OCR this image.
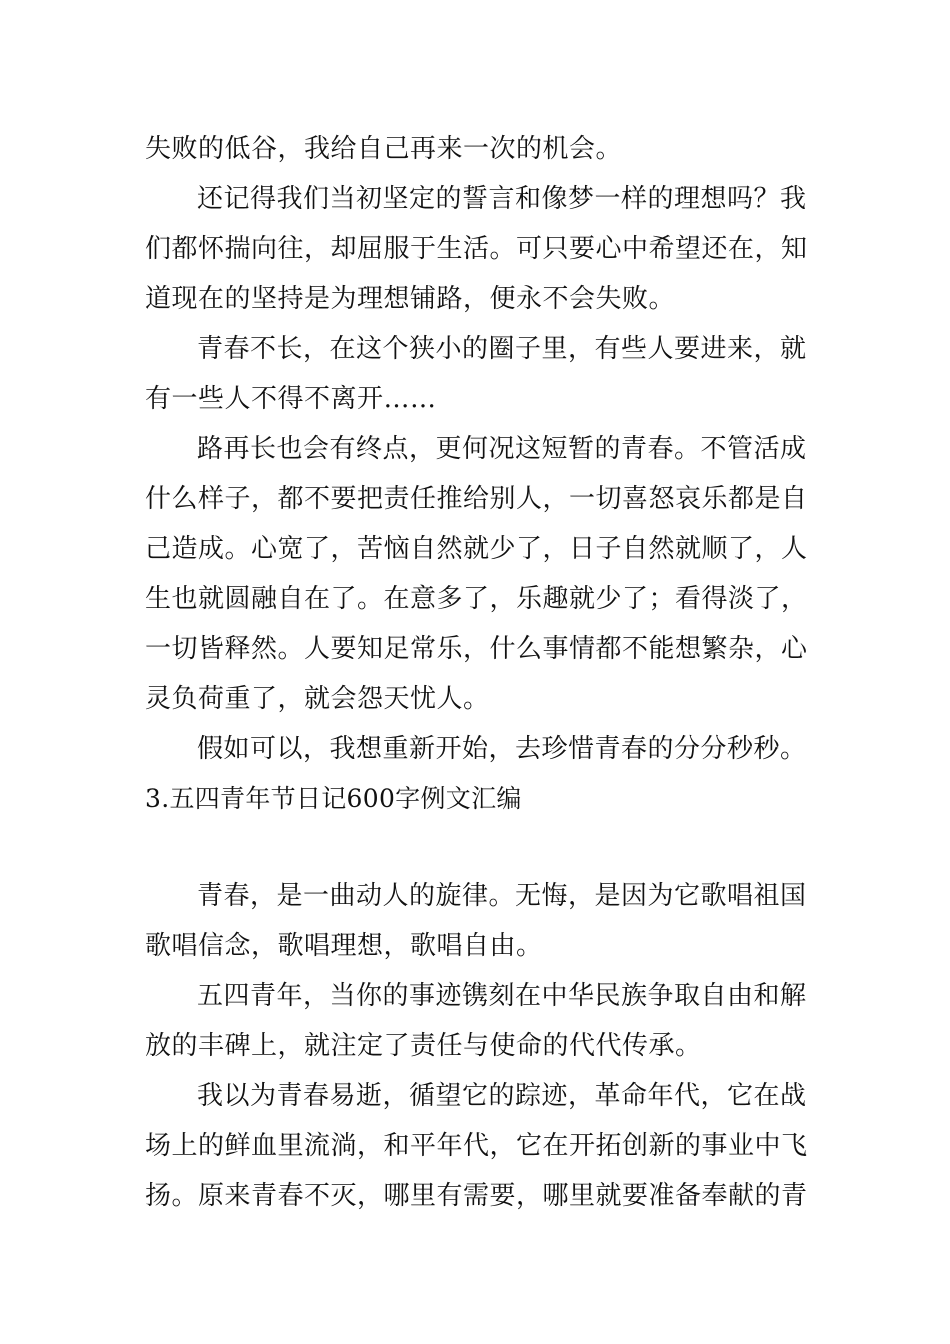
失败的低谷，我给自己再来一次的机会。
还记得我们当初坚定的誓言和像梦一样的理想吗？我
们都怀揣向往，却屈服于生活。可只要心中希望还在，知
道现在的坚持是为理想铺路，便永不会失败。
青春不长，在这个狭小的圈子里，有些人要进来，就
有一些人不得不离开……
路再长也会有终点，更何况这短暂的青春。不管活成
什么样子，都不要把责任推给别人，一切喜怒哀乐都是自
己造成。心宽了，苦恼自然就少了，日子自然就顺了，人
生也就圆融自在了。在意多了，乐趣就少了；看得淡了，
一切皆释然。人要知足常乐，什么事情都不能想繁杂，心
灵负荷重了，就会怨天忧人。
假如可以，我想重新开始，去珍惜青春的分分秒秒。
3.五四青年节日记600字例文汇编
青春，是一曲动人的旋律。无悔，是因为它歌唱祖国
歌唱信念，歌唱理想，歌唱自由。
五四青年，当你的事迹镌刻在中华民族争取自由和解
放的丰碑上，就注定了责任与使命的代代传承。
我以为青春易逝，循望它的踪迹，革命年代，它在战
场上的鲜血里流淌，和平年代，它在开拓创新的事业中飞
扬。原来青春不灭，哪里有需要，哪里就要准备奉献的青
